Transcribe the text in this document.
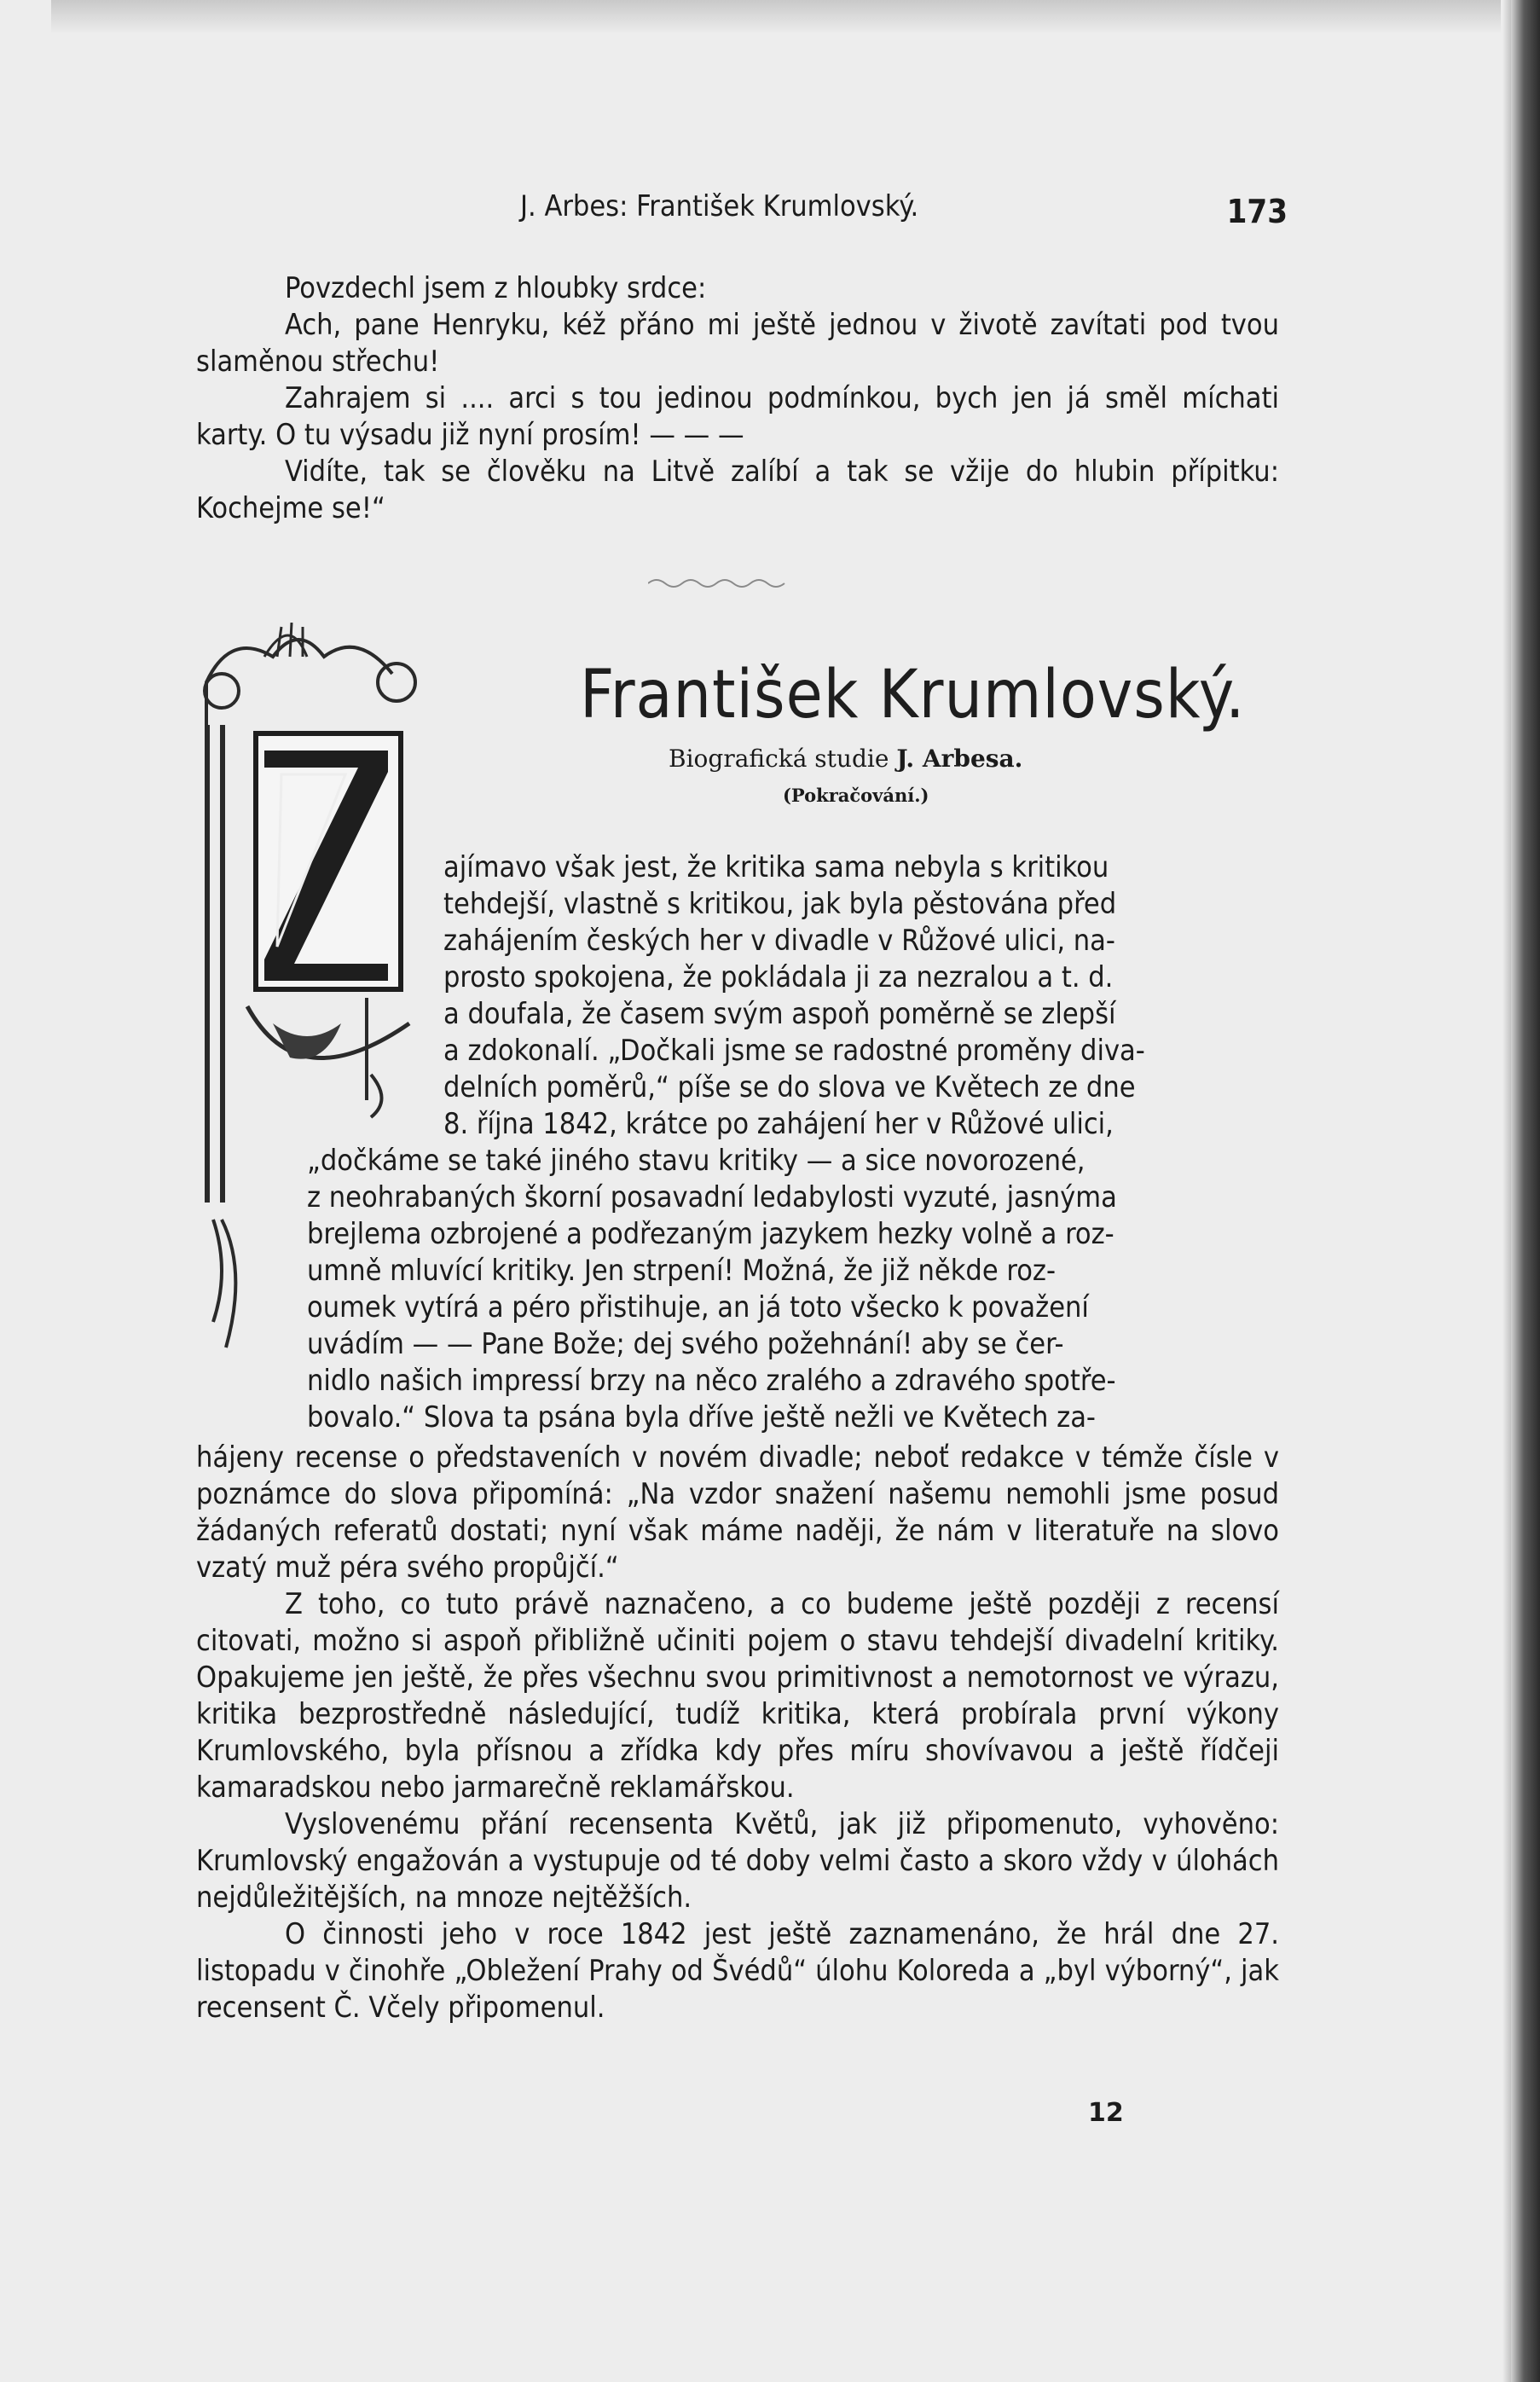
J. Arbes: František Krumlovský.	173

Povzdechl jsem z hloubky srdce:

Ach, pane Henryku, kéž přáno mi ještě jednou v životě zavítati pod tvou slaměnou střechu!

Zahrajem si .... arci s tou jedinou podmínkou, bych jen já směl míchati karty. O tu výsadu již nyní prosím! — — —

Vidíte, tak se člověku na Litvě zalíbí a tak se vžije do hlubin přípitku: Kochejme se!“

František Krumlovský.
Biografická studie J. Arbesa.
(Pokračování.)

ajímavo však jest, že kritika sama nebyla s kritikou

tehdejší, vlastně s kritikou, jak byla pěstována před

zahájením českých her v divadle v Růžové ulici, na-

prosto spokojena, že pokládala ji za nezralou a t. d.

a doufala, že časem svým aspoň poměrně se zlepší

a zdokonalí. „Dočkali jsme se radostné proměny diva-

delních poměrů,“ píše se do slova ve Květech ze dne

8. října 1842, krátce po zahájení her v Růžové ulici,

„dočkáme se také jiného stavu kritiky — a sice novorozené,

z neohrabaných škorní posavadní ledabylosti vyzuté, jasnýma

brejlema ozbrojené a podřezaným jazykem hezky volně a roz-

umně mluvící kritiky. Jen strpení! Možná, že již někde roz-

oumek vytírá a péro přistihuje, an já toto všecko k považení

uvádím — — Pane Bože; dej svého požehnání! aby se čer-

nidlo našich impressí brzy na něco zralého a zdravého spotře-

bovalo.“ Slova ta psána byla dříve ještě nežli ve Květech za-

hájeny recense o představeních v novém divadle; neboť redakce v témže čísle v poznámce do slova připomíná: „Na vzdor snažení našemu nemohli jsme posud žádaných referatů dostati; nyní však máme naději, že nám v literatuře na slovo vzatý muž péra svého propůjčí.“

Z toho, co tuto právě naznačeno, a co budeme ještě později z recensí citovati, možno si aspoň přibližně učiniti pojem o stavu tehdejší divadelní kritiky. Opakujeme jen ještě, že přes všechnu svou primitivnost a nemotornost ve výrazu, kritika bezprostředně následující, tudíž kritika, která probírala první výkony Krumlovského, byla přísnou a zřídka kdy přes míru shovívavou a ještě řídčeji kamaradskou nebo jarmarečně reklamářskou.

Vyslovenému přání recensenta Květů, jak již připomenuto, vyhověno: Krumlovský engažován a vystupuje od té doby velmi často a skoro vždy v úlohách nejdůležitějších, na mnoze nejtěžších.

O činnosti jeho v roce 1842 jest ještě zaznamenáno, že hrál dne 27. listopadu v činohře „Obležení Prahy od Švédů“ úlohu Koloreda a „byl výborný“, jak recensent Č. Včely připomenul.

12
